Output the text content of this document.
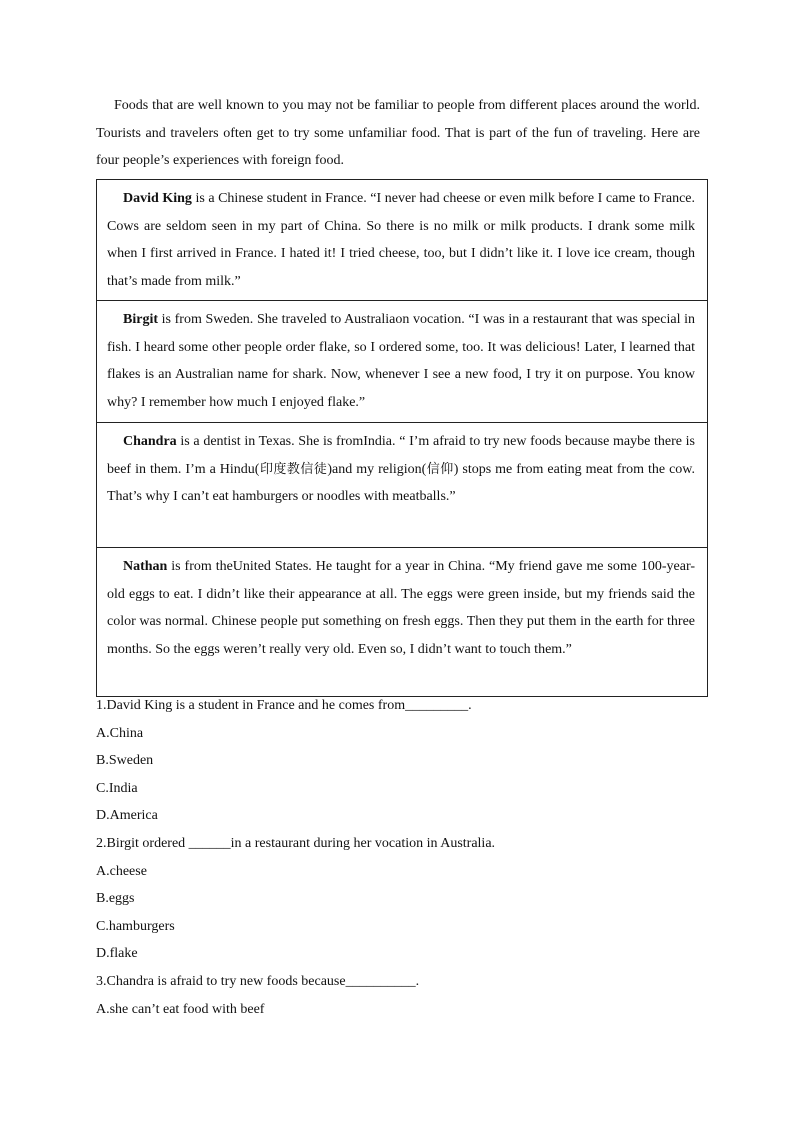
Foods that are well known to you may not be familiar to people from different places around the world. Tourists and travelers often get to try some unfamiliar food. That is part of the fun of traveling. Here are four people’s experiences with foreign food.
David King is a Chinese student in France. “I never had cheese or even milk before I came to France. Cows are seldom seen in my part of China. So there is no milk or milk products. I drank some milk when I first arrived in France. I hated it! I tried cheese, too, but I didn’t like it. I love ice cream, though that’s made from milk.”
Birgit is from Sweden. She traveled to Australiaon vocation. “I was in a restaurant that was special in fish. I heard some other people order flake, so I ordered some, too. It was delicious! Later, I learned that flakes is an Australian name for shark. Now, whenever I see a new food, I try it on purpose. You know why? I remember how much I enjoyed flake.”
Chandra is a dentist in Texas. She is fromIndia. “ I’m afraid to try new foods because maybe there is beef in them. I’m a Hindu(印度教信徒)and my religion(信仰) stops me from eating meat from the cow. That’s why I can’t eat hamburgers or noodles with meatballs.”
Nathan is from theUnited States. He taught for a year in China. “My friend gave me some 100-year-old eggs to eat. I didn’t like their appearance at all. The eggs were green inside, but my friends said the color was normal. Chinese people put something on fresh eggs. Then they put them in the earth for three months. So the eggs weren’t really very old. Even so, I didn’t want to touch them.”
1.David King is a student in France and he comes from_________.
A.China
B.Sweden
C.India
D.America
2.Birgit ordered ______in a restaurant during her vocation in Australia.
A.cheese
B.eggs
C.hamburgers
D.flake
3.Chandra is afraid to try new foods because__________.
A.she can’t eat food with beef
